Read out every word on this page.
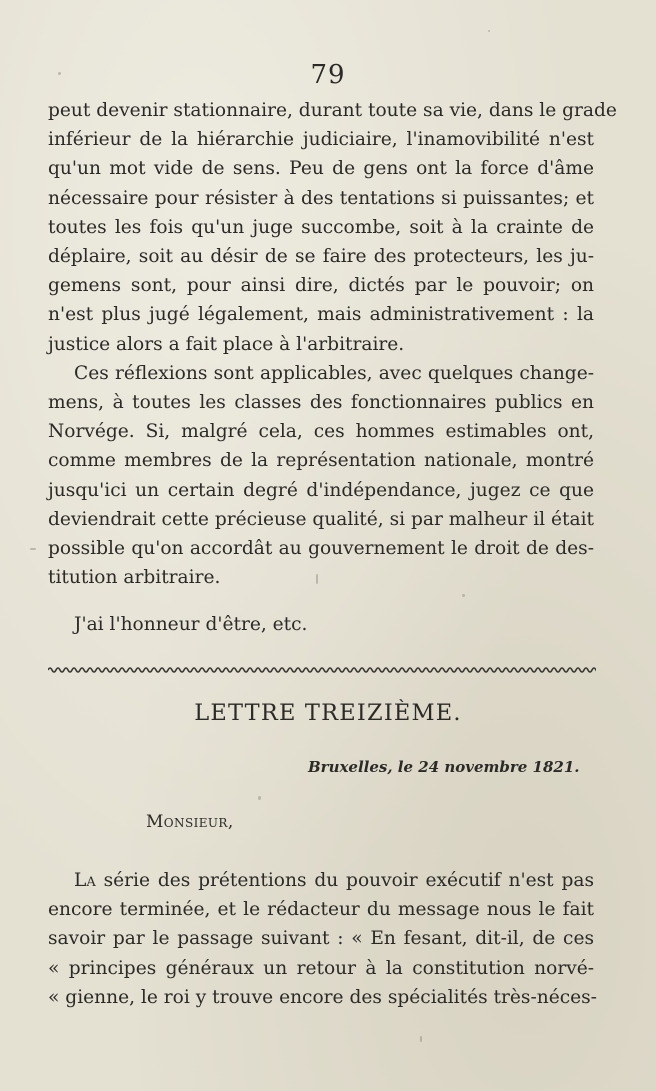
79
peut devenir stationnaire, durant toute sa vie, dans le grade
inférieur de la hiérarchie judiciaire, l'inamovibilité n'est
qu'un mot vide de sens. Peu de gens ont la force d'âme
nécessaire pour résister à des tentations si puissantes; et
toutes les fois qu'un juge succombe, soit à la crainte de
déplaire, soit au désir de se faire des protecteurs, les ju-
gemens sont, pour ainsi dire, dictés par le pouvoir; on
n'est plus jugé légalement, mais administrativement : la
justice alors a fait place à l'arbitraire.
Ces réflexions sont applicables, avec quelques change-
mens, à toutes les classes des fonctionnaires publics en
Norvége. Si, malgré cela, ces hommes estimables ont,
comme membres de la représentation nationale, montré
jusqu'ici un certain degré d'indépendance, jugez ce que
deviendrait cette précieuse qualité, si par malheur il était
possible qu'on accordât au gouvernement le droit de des-
titution arbitraire.
J'ai l'honneur d'être, etc.
LETTRE TREIZIÈME.
Bruxelles, le 24 novembre 1821.
Monsieur,
La série des prétentions du pouvoir exécutif n'est pas
encore terminée, et le rédacteur du message nous le fait
savoir par le passage suivant : « En fesant, dit-il, de ces
« principes généraux un retour à la constitution norvé-
« gienne, le roi y trouve encore des spécialités très-néces-
